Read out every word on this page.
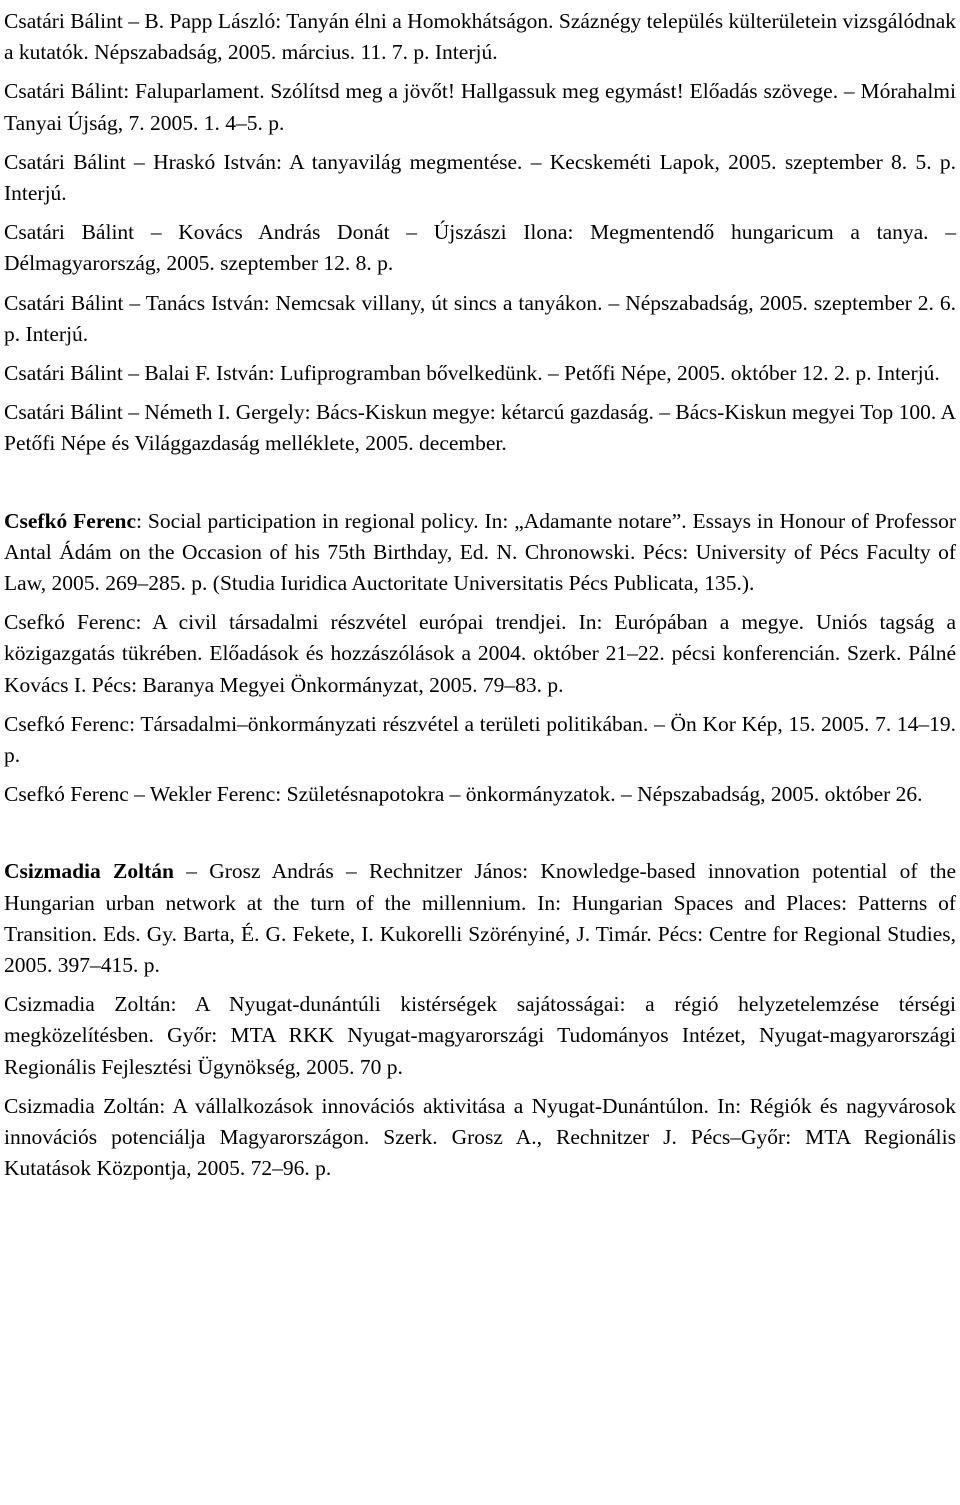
Csatári Bálint – B. Papp László: Tanyán élni a Homokhátságon. Száznégy település külterületein vizsgálódnak a kutatók. Népszabadság, 2005. március. 11. 7. p. Interjú.

Csatári Bálint: Faluparlament. Szólítsd meg a jövőt! Hallgassuk meg egymást! Előadás szövege. – Mórahalmi Tanyai Újság, 7. 2005. 1. 4–5. p.

Csatári Bálint – Hraskó István: A tanyavilág megmentése. – Kecskeméti Lapok, 2005. szeptember 8. 5. p. Interjú.

Csatári Bálint – Kovács András Donát – Újszászi Ilona: Megmentendő hungaricum a tanya. – Délmagyarország, 2005. szeptember 12. 8. p.

Csatári Bálint – Tanács István: Nemcsak villany, út sincs a tanyákon. – Népszabadság, 2005. szeptember 2. 6. p. Interjú.

Csatári Bálint – Balai F. István: Lufiprogramban bővelkedünk. – Petőfi Népe, 2005. október 12. 2. p. Interjú.

Csatári Bálint – Németh I. Gergely: Bács-Kiskun megye: kétarcú gazdaság. – Bács-Kiskun megyei Top 100. A Petőfi Népe és Világgazdaság melléklete, 2005. december.

Csefkó Ferenc: Social participation in regional policy. In: „Adamante notare”. Essays in Honour of Professor Antal Ádám on the Occasion of his 75th Birthday, Ed. N. Chronowski. Pécs: University of Pécs Faculty of Law, 2005. 269–285. p. (Studia Iuridica Auctoritate Universitatis Pécs Publicata, 135.).

Csefkó Ferenc: A civil társadalmi részvétel európai trendjei. In: Európában a megye. Uniós tagság a közigazgatás tükrében. Előadások és hozzászólások a 2004. október 21–22. pécsi konferencián. Szerk. Pálné Kovács I. Pécs: Baranya Megyei Önkormányzat, 2005. 79–83. p.

Csefkó Ferenc: Társadalmi–önkormányzati részvétel a területi politikában. – Ön Kor Kép, 15. 2005. 7. 14–19. p.

Csefkó Ferenc – Wekler Ferenc: Születésnapotokra – önkormányzatok. – Népszabadság, 2005. október 26.

Csizmadia Zoltán – Grosz András – Rechnitzer János: Knowledge-based innovation potential of the Hungarian urban network at the turn of the millennium. In: Hungarian Spaces and Places: Patterns of Transition. Eds. Gy. Barta, É. G. Fekete, I. Kukorelli Szörényiné, J. Timár. Pécs: Centre for Regional Studies, 2005. 397–415. p.

Csizmadia Zoltán: A Nyugat-dunántúli kistérségek sajátosságai: a régió helyzetelemzése térségi megközelítésben. Győr: MTA RKK Nyugat-magyarországi Tudományos Intézet, Nyugat-magyarországi Regionális Fejlesztési Ügynökség, 2005. 70 p.

Csizmadia Zoltán: A vállalkozások innovációs aktivitása a Nyugat-Dunántúlon. In: Régiók és nagyvárosok innovációs potenciálja Magyarországon. Szerk. Grosz A., Rechnitzer J. Pécs–Győr: MTA Regionális Kutatások Központja, 2005. 72–96. p.
